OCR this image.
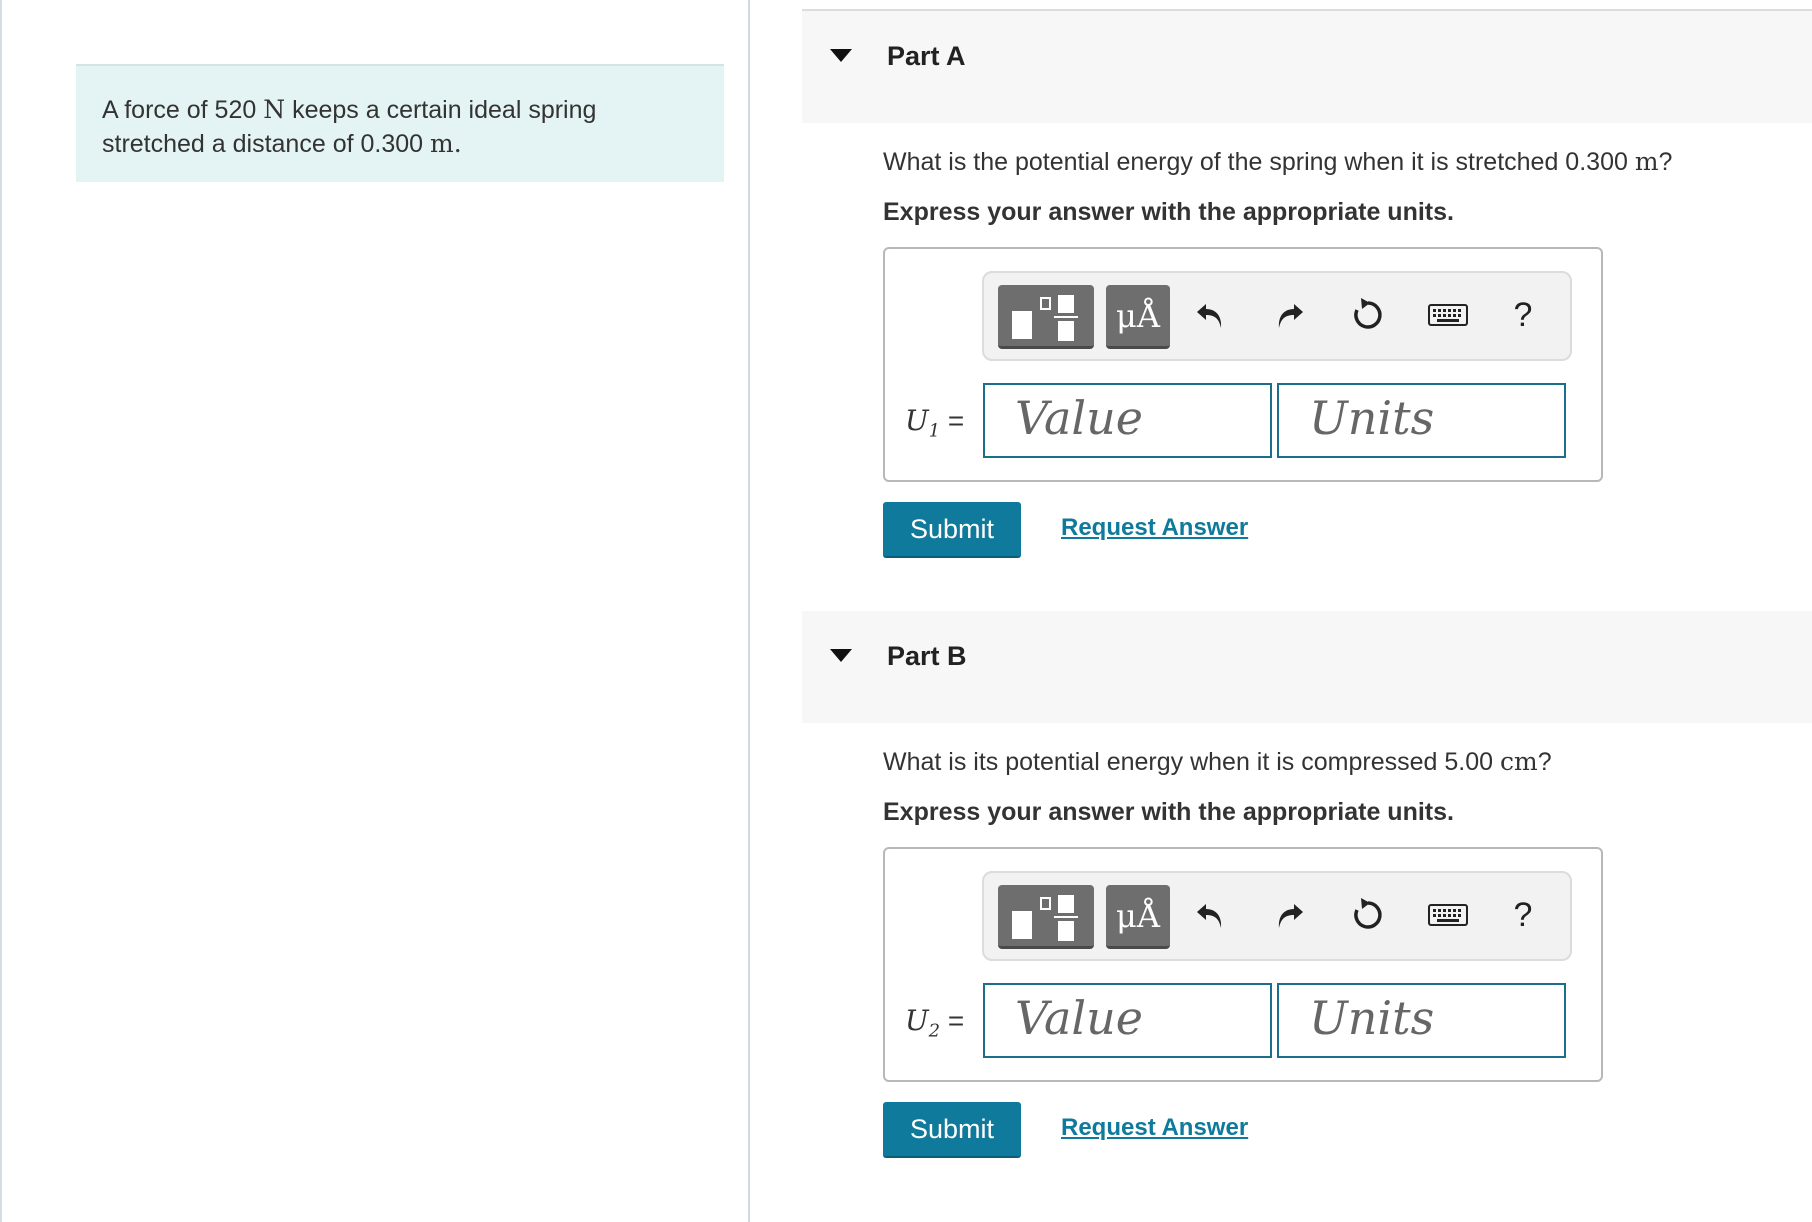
A force of 520 N keeps a certain ideal spring stretched a distance of 0.300 m.
Part A
What is the potential energy of the spring when it is stretched 0.300 m?
Express your answer with the appropriate units.
μÅ	?
$U_1$ =	Value	Units
Submit	Request Answer
Part B
What is its potential energy when it is compressed 5.00 cm?
Express your answer with the appropriate units.
μÅ	?
$U_2$ =	Value	Units
Submit	Request Answer
